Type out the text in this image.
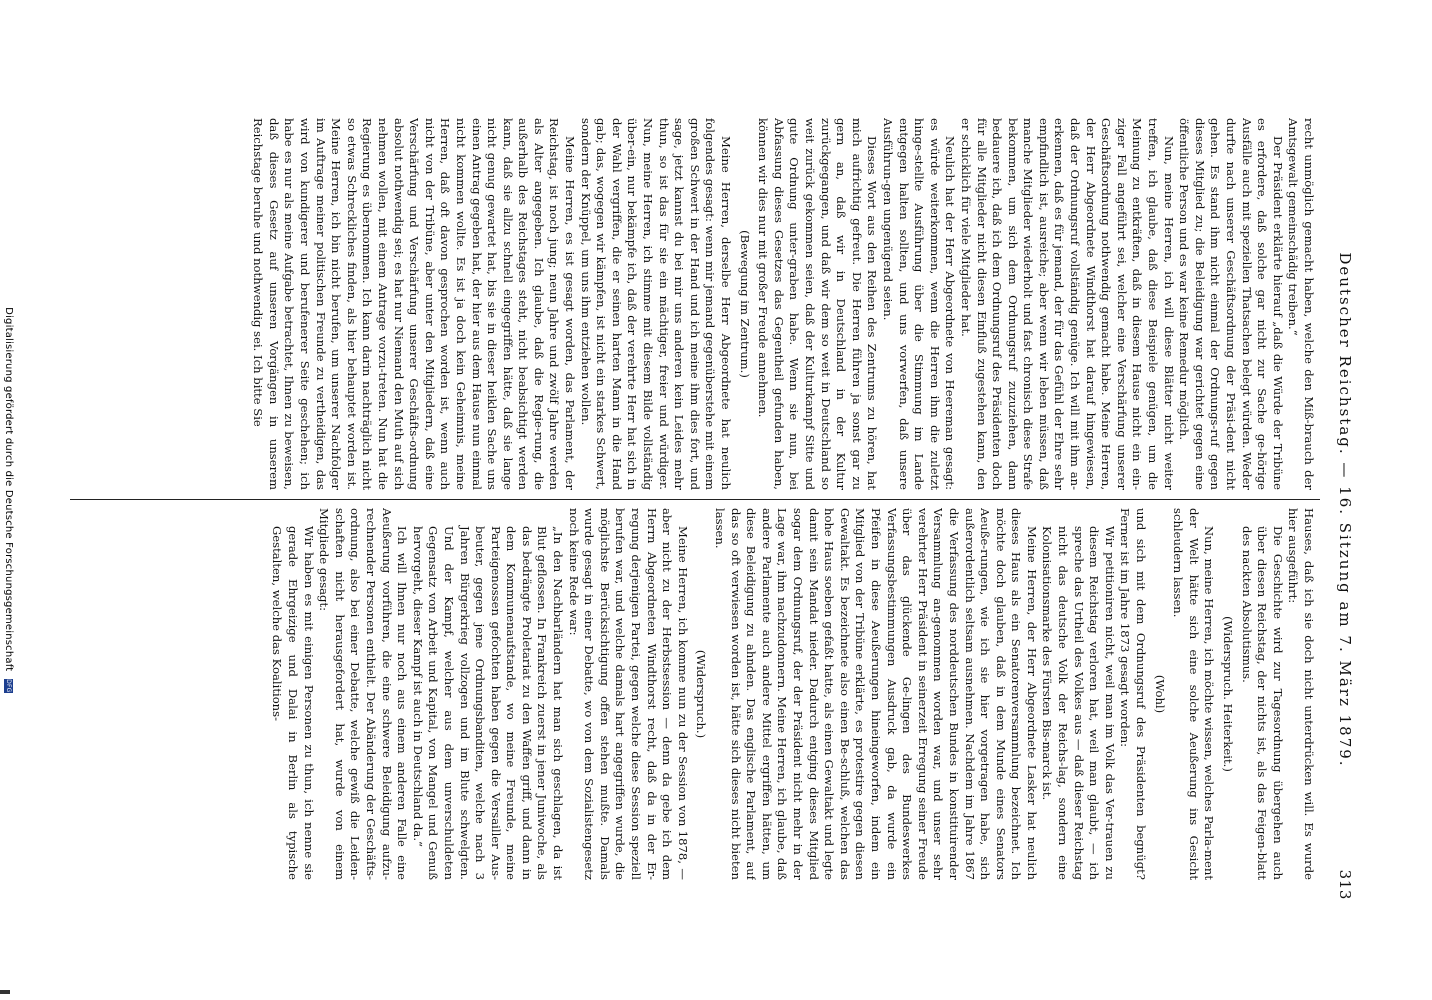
Deutscher Reichstag. — 16. Sitzung am 7. März 1879.
313

recht unmöglich gemacht haben, welche den Miß-brauch der Amtsgewalt gemeinschädig treiben.“

Der Präsident erklärte hierauf „daß die Würde der Tribüne es erfordere, daß solche gar nicht zur Sache ge-hörige Ausfälle auch mit speziellen Thatsachen belegt würden. Weder durfte nach unserer Geschäftsordnung der Präsi-dent nicht gehen. Es stand ihm nicht einmal der Ordnungs-ruf gegen dieses Mitglied zu; die Beleidigung war gerichtet gegen eine öffentliche Person und es war keine Remedur möglich.

Nun, meine Herren, ich will diese Blätter nicht weiter treffen, ich glaube, daß diese Beispiele genügen, um die Meinung zu entkräften, daß in diesem Hause nicht ein ein-ziger Fall angeführt sei, welcher eine Verschärfung unserer Geschäftsordnung nothwendig gemacht habe. Meine Herren, der Herr Abgeordnete Windthorst hat darauf hingewiesen, daß der Ordnungsruf vollständig genüge. Ich will mit ihm an-erkennen, daß es für jemand, der für das Gefühl der Ehre sehr empfindlich ist, ausreiche; aber wenn wir leben müssen, daß manche Mitglieder wiederholt und fast chronisch diese Strafe bekommen, um sich dem Ordnungsruf zuzuziehen, dann bedauere ich, daß ich dem Ordnungsruf des Präsidenten doch für alle Mitglieder nicht diesen Einfluß zugestehen kann, den er schicklich für viele Mitglieder hat.

Neulich hat der Herr Abgeordnete von Heereman gesagt: es würde weiterkommen, wenn die Herren ihm die zuletzt hinge-stellte Ausführung über die Stimmung im Lande entgegen halten sollten, und uns vorwerfen, daß unsere Ausführun-gen ungenügend seien.

Dieses Wort aus den Reihen des Zentrums zu hören, hat mich aufrichtig gefreut. Die Herren führen ja sonst gar zu gern an, daß wir in Deutschland in der Kultur zurückgegangen, und daß wir dem so weit in Deutschland so weit zurück gekommen seien, daß der Kulturkampf Sitte und gute Ordnung unter-graben habe. Wenn sie nun, bei Abfassung dieses Gesetzes das Gegentheil gefunden haben, können wir dies nur mit großer Freude annehmen.

(Bewegung im Zentrum.)

Meine Herren, derselbe Herr Abgeordnete hat neulich folgendes gesagt: wenn mir jemand gegenüberstehe mit einem großen Schwert in der Hand und ich meine ihm dies fort, und sage, jetzt kannst du bei mir uns anderen kein Leides mehr thun, so ist das für sie ein mächtiger, freier und würdiger. Nun, meine Herren, ich stimme mit diesem Bilde vollständig über-ein, nur bekämpfe ich, daß der verehrte Herr hat sich in der Wahl vergriffen, die er seinen harten Mann in die Hand gab; das, wogegen wir kämpfen, ist nicht ein starkes Schwert, sondern der Knüppel, um uns ihm entziehen wollen.

Meine Herren, es ist gesagt worden, das Parlament, der Reichstag, ist noch jung; neun Jahre und zwölf Jahre werden als Alter angegeben. Ich glaube, daß die Regie-rung, die außerhalb des Reichstages steht, nicht beabsichtigt werden kann, daß sie allzu schnell eingegriffen hätte, daß sie lange nicht genug gewartet hat, bis sie in dieser heiklen Sache uns einen Antrag gegeben hat, der hier aus dem Hause nun einmal nicht kommen wollte. Es ist ja doch kein Geheimnis, meine Herren, daß oft davon gesprochen worden ist, wenn auch nicht von der Tribüne, aber unter den Mitgliedern, daß eine Verschärfung und Verschärfung unserer Geschäfts-ordnung absolut nothwendig sei; es hat nur Niemand den Muth auf sich nehmen wollen, mit einem Antrage vorzu-treten. Nun hat die Regierung es übernommen. Ich kann darin nachträglich nicht so etwas Schreckliches finden, als hier behauptet worden ist. Meine Herren, ich bin nicht berufen, um unserer Nachfolger im Auftrage meiner politischen Freunde zu vertheidigen, das wird von kundigerer und berufenerer Seite geschehen; ich habe es nur als meine Aufgabe betrachtet, Ihnen zu beweisen, daß dieses Gesetz auf unseren Vorgängen in unserem Reichstage beruhe und nothwendig sei. Ich bitte Sie

Hauses, daß ich sie doch nicht unterdrücken will. Es wurde hier ausgeführt:

Die Geschichte wird zur Tagesordnung übergehen auch über diesen Reichstag, der nichts ist, als das Feigen-blatt des nackten Absolutismus.

(Widerspruch. Heiterkeit.)

Nun, meine Herren, ich möchte wissen, welches Parla-ment der Welt hätte sich eine solche Aeußerung ins Gesicht schleudern lassen.

(Wohl)

und sich mit dem Ordnungsruf des Präsidenten begnügt? Ferner ist im Jahre 1873 gesagt worden:

Wir petitioniren nicht, weil man im Volk das Ver-trauen zu diesem Reichstag verloren hat, weil man glaubt, — ich spreche das Urtheil des Volkes aus — daß dieser Reichstag nicht das deutsche Volk der Reichs-lag, sondern eine Kolonisationsmarke des Fürsten Bis-marck ist.

Meine Herren, der Herr Abgeordnete Lasker hat neulich dieses Haus als ein Senatorenversammlung bezeichnet. Ich möchte doch glauben, daß in dem Munde eines Senators Aeuße-rungen, wie ich sie hier vorgetragen habe, sich außerordentlich seltsam ausnehmen. Nachdem im Jahre 1867 die Verfassung des norddeutschen Bundes in konstituirender Versammlung an-genommen worden war, und unser sehr verehrter Herr Präsident in seinerzeit Erregung seiner Freude über das glückende Ge-lingen des Bundeswerkes Verfassungsbestimmungen Ausdruck gab, da wurde ein Pfeifen in diese Aeußerungen hineingeworfen, indem ein Mitglied von der Tribüne erklärte, es protestire gegen diesen Gewaltakt. Es bezeichnete also einen Be-schluß, welchen das hohe Haus soeben gefaßt hatte, als einen Gewaltakt und legte damit sein Mandat nieder. Dadurch entging dieses Mitglied sogar dem Ordnungsruf, der der Präsident nicht mehr in der Lage war, ihm nachzudonnern. Meine Herren, ich glaube, daß andere Parlamente auch andere Mittel ergriffen hätten, um diese Beleidigung zu ahnden. Das englische Parlament, auf das so oft verwiesen worden ist, hätte sich dieses nicht bieten lassen.

(Widerspruch.)

Meine Herren, ich komme nun zu der Session von 1878, — aber nicht zu der Herbstsession — denn da gebe ich dem Herrn Abgeordneten Windthorst recht, daß da in der Er-regung derjenigen Partei, gegen welche diese Session speziell berufen war, und welche damals hart angegriffen wurde, die möglichste Berücksichtigung offen stehen mußte. Damals wurde gesagt in einer Debatte, wo von dem Sozialistengesetz noch keine Rede war:

„In den Nachbarländern hat man sich geschlagen, da ist Blut geflossen. In Frankreich zuerst in jener Juniwoche, als das bedrängte Proletariat zu den Waffen griff, und dann in dem Kommunenaufstande, wo meine Freunde, meine Parteigenossen gefochten haben gegen die Versailler Aus-beuter, gegen jene Ordnungsbanditen, welche nach 3 Jahren Bürgerkrieg vollzogen und im Blute schwelgten. Und der Kampf, welcher aus dem unverschuldeten Gegensatz von Arbeit und Kapital, von Mangel und Genuß hervorgeht, dieser Kampf ist auch in Deutschland da.“

Ich will Ihnen nur noch aus einem anderen Falle eine Aeußerung vorführen, die eine schwere Beleidigung aufzu-rechnender Personen enthielt. Der Abänderung der Geschäfts-ordnung, also bei einer Debatte, welche gewiß die Leiden-schaften nicht herausgefordert hat, wurde von einem Mitgliede gesagt:

Wir haben es mit einigen Personen zu thun, ich nenne sie gerade Ehrgeizige und Dalai in Berlin als typische Gestalten, welche das Koalitions-

Digitalisierung gefördert durch die Deutsche Forschungsgemeinschaft DFG
